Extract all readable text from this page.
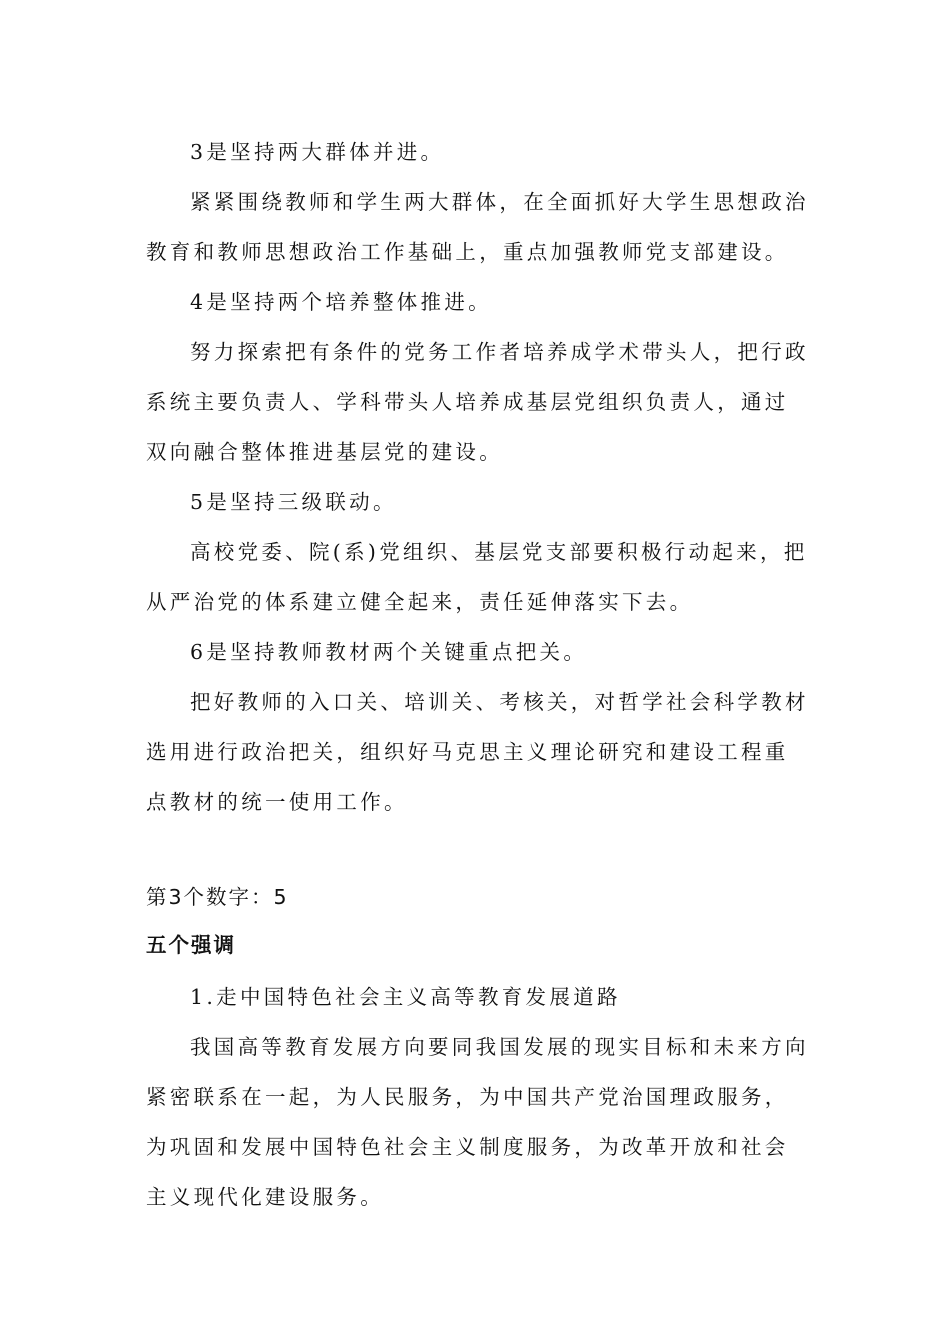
3是坚持两大群体并进。

紧紧围绕教师和学生两大群体，在全面抓好大学生思想政治教育和教师思想政治工作基础上，重点加强教师党支部建设。

4是坚持两个培养整体推进。

努力探索把有条件的党务工作者培养成学术带头人，把行政系统主要负责人、学科带头人培养成基层党组织负责人，通过双向融合整体推进基层党的建设。

5是坚持三级联动。

高校党委、院(系)党组织、基层党支部要积极行动起来，把从严治党的体系建立健全起来，责任延伸落实下去。

6是坚持教师教材两个关键重点把关。

把好教师的入口关、培训关、考核关，对哲学社会科学教材选用进行政治把关，组织好马克思主义理论研究和建设工程重点教材的统一使用工作。

第3个数字：5

五个强调

1.走中国特色社会主义高等教育发展道路

我国高等教育发展方向要同我国发展的现实目标和未来方向紧密联系在一起，为人民服务，为中国共产党治国理政服务，为巩固和发展中国特色社会主义制度服务，为改革开放和社会主义现代化建设服务。
